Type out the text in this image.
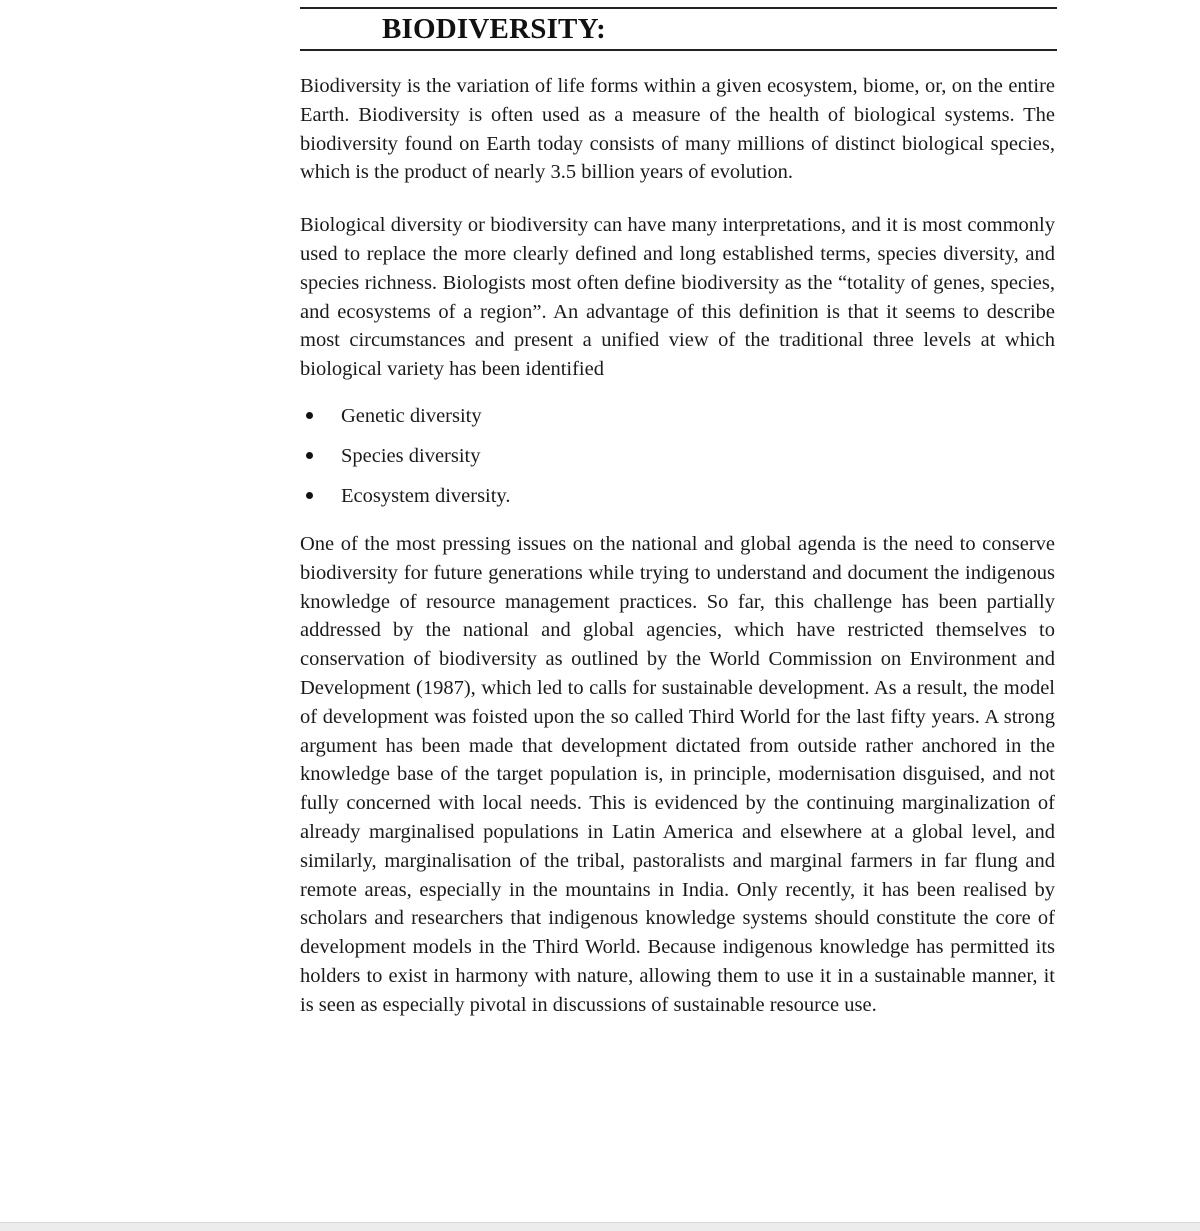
BIODIVERSITY:

Biodiversity is the variation of life forms within a given ecosystem, biome, or, on the entire Earth. Biodiversity is often used as a measure of the health of biological systems. The biodiversity found on Earth today consists of many millions of distinct biological species, which is the product of nearly 3.5 billion years of evolution.

Biological diversity or biodiversity can have many interpretations, and it is most commonly used to replace the more clearly defined and long established terms, species diversity, and species richness. Biologists most often define biodiversity as the “totality of genes, species, and ecosystems of a region”. An advantage of this definition is that it seems to describe most circumstances and present a unified view of the traditional three levels at which biological variety has been identified

Genetic diversity
Species diversity
Ecosystem diversity.

One of the most pressing issues on the national and global agenda is the need to conserve biodiversity for future generations while trying to understand and document the indigenous knowledge of resource management practices. So far, this challenge has been partially addressed by the national and global agencies, which have restricted themselves to conservation of biodiversity as outlined by the World Commission on Environment and Development (1987), which led to calls for sustainable development. As a result, the model of development was foisted upon the so called Third World for the last fifty years. A strong argument has been made that development dictated from outside rather anchored in the knowledge base of the target population is, in principle, modernisation disguised, and not fully concerned with local needs. This is evidenced by the continuing marginalization of already marginalised populations in Latin America and elsewhere at a global level, and similarly, marginalisation of the tribal, pastoralists and marginal farmers in far flung and remote areas, especially in the mountains in India. Only recently, it has been realised by scholars and researchers that indigenous knowledge systems should constitute the core of development models in the Third World. Because indigenous knowledge has permitted its holders to exist in harmony with nature, allowing them to use it in a sustainable manner, it is seen as especially pivotal in discussions of sustainable resource use.
